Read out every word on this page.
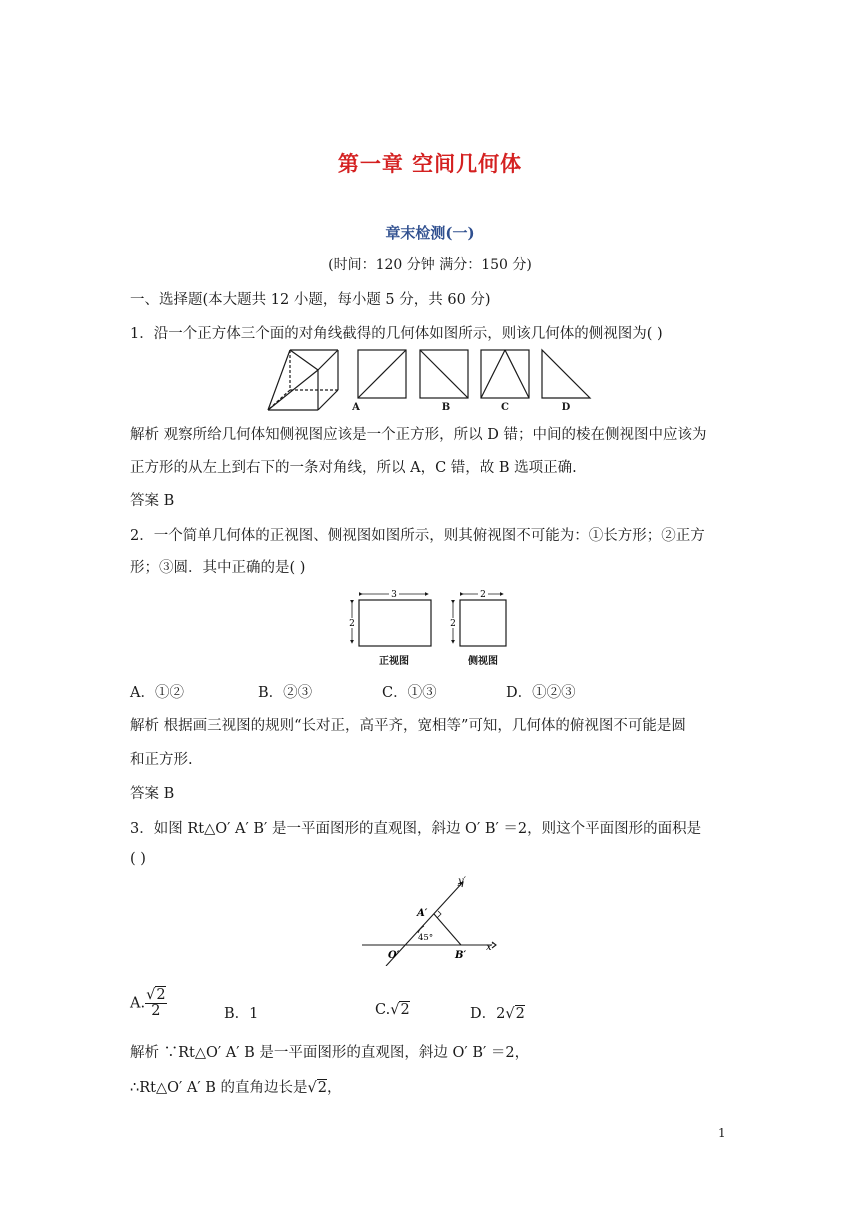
第一章 空间几何体
章末检测(一)
(时间：120 分钟 满分：150 分)
一、选择题(本大题共 12 小题，每小题 5 分，共 60 分)
1．沿一个正方体三个面的对角线截得的几何体如图所示，则该几何体的侧视图为( )
A	B	C	D
解析 观察所给几何体知侧视图应该是一个正方形，所以 D 错；中间的棱在侧视图中应该为
正方形的从左上到右下的一条对角线，所以 A，C 错，故 B 选项正确.
答案 B
2．一个简单几何体的正视图、侧视图如图所示，则其俯视图不可能为：①长方形；②正方
形；③圆．其中正确的是( )
3
2
2
2
正视图	侧视图
A．①②	B．②③	C．①③	D．①②③
解析 根据画三视图的规则“长对正，高平齐，宽相等”可知，几何体的俯视图不可能是圆
和正方形.
答案 B
3．如图 Rt△O′ A′ B′ 是一平面图形的直观图，斜边 O′ B′ ＝2，则这个平面图形的面积是
( )
y′
x′
A′
45°
O′	B′
A. $\frac{√2}{2}$	B．1	C.√2	D．2√2
解析 ∵Rt△O′ A′ B 是一平面图形的直观图，斜边 O′ B′ ＝2，
∴Rt△O′ A′ B 的直角边长是√2，
1
